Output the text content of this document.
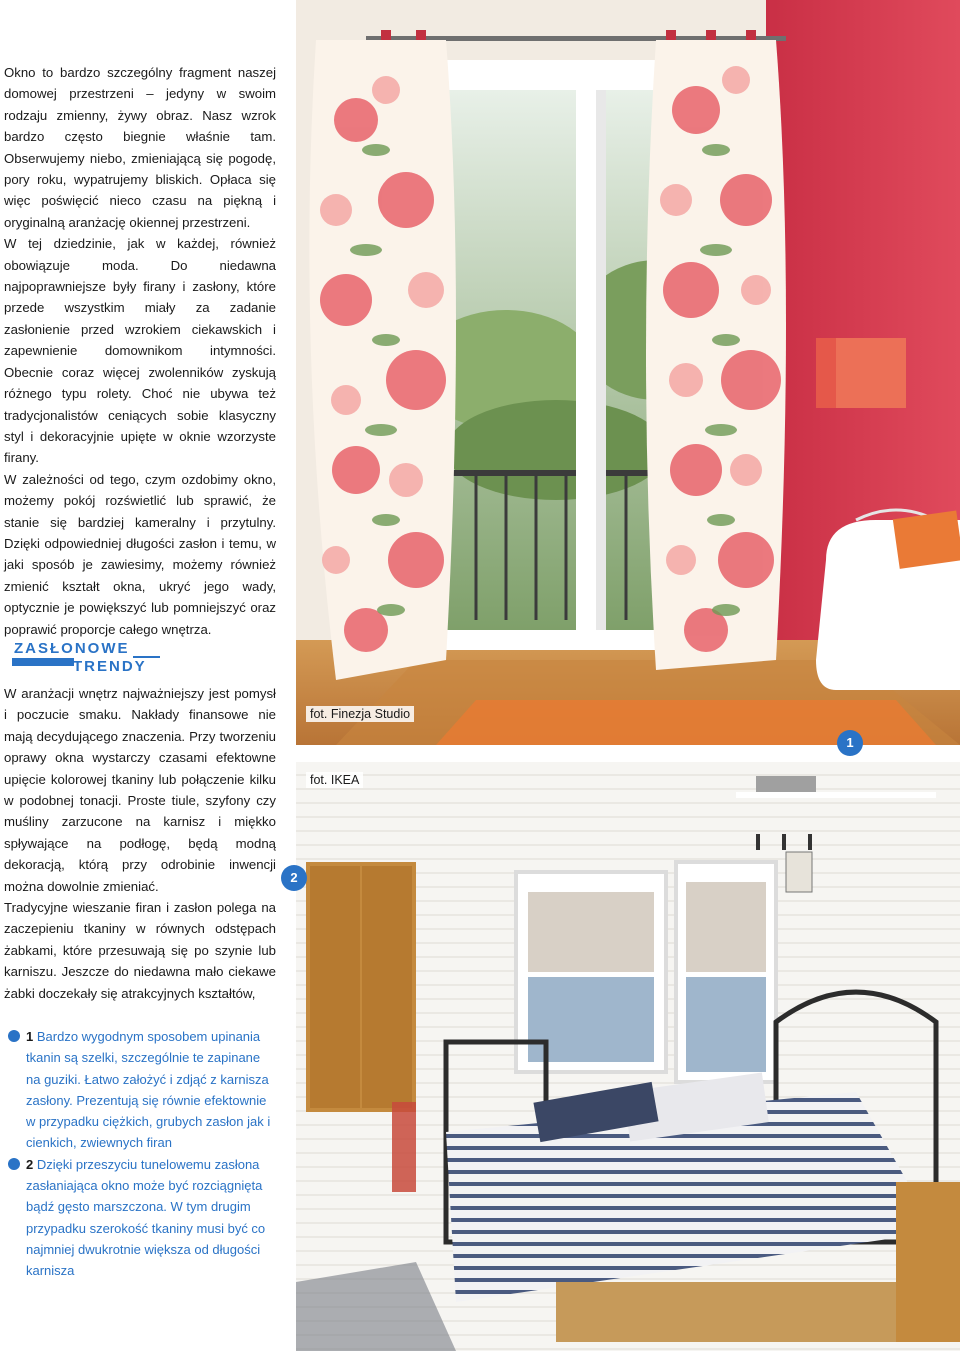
Okno to bardzo szczególny fragment naszej domowej przestrzeni – jedyny w swoim rodzaju zmienny, żywy obraz. Nasz wzrok bardzo często biegnie właśnie tam. Obserwujemy niebo, zmieniającą się pogodę, pory roku, wypatrujemy bliskich. Opłaca się więc poświęcić nieco czasu na piękną i oryginalną aranżację okiennej przestrzeni.

W tej dziedzinie, jak w każdej, również obowiązuje moda. Do niedawna najpoprawniejsze były firany i zasłony, które przede wszystkim miały za zadanie zasłonienie przed wzrokiem ciekawskich i zapewnienie domownikom intymności. Obecnie coraz więcej zwolenników zyskują różnego typu rolety. Choć nie ubywa też tradycjonalistów ceniących sobie klasyczny styl i dekoracyjnie upięte w oknie wzorzyste firany.

W zależności od tego, czym ozdobimy okno, możemy pokój rozświetlić lub sprawić, że stanie się bardziej kameralny i przytulny. Dzięki odpowiedniej długości zasłon i temu, w jaki sposób je zawiesimy, możemy również zmienić kształt okna, ukryć jego wady, optycznie je powiększyć lub pomniejszyć oraz poprawić proporcje całego wnętrza.

ZASŁONOWE
TRENDY

W aranżacji wnętrz najważniejszy jest pomysł i poczucie smaku. Nakłady finansowe nie mają decydującego znaczenia. Przy tworzeniu oprawy okna wystarczy czasami efektowne upięcie kolorowej tkaniny lub połączenie kilku w podobnej tonacji. Proste tiule, szyfony czy muśliny zarzucone na karnisz i miękko spływające na podłogę, będą modną dekoracją, którą przy odrobinie inwencji można dowolnie zmieniać.

Tradycyjne wieszanie firan i zasłon polega na zaczepieniu tkaniny w równych odstępach żabkami, które przesuwają się po szynie lub karniszu. Jeszcze do niedawna mało ciekawe żabki doczekały się atrakcyjnych kształtów,

1 Bardzo wygodnym sposobem upinania tkanin są szelki, szczególnie te zapinane na guziki. Łatwo założyć i zdjąć z karnisza zasłony. Prezentują się równie efektownie w przypadku ciężkich, grubych zasłon jak i cienkich, zwiewnych firan

2 Dzięki przeszyciu tunelowemu zasłona zasłaniająca okno może być rozciągnięta bądź gęsto marszczona. W tym drugim przypadku szerokość tkaniny musi być co najmniej dwukrotnie większa od długości karnisza

fot. Finezja Studio
1
fot. IKEA
2
